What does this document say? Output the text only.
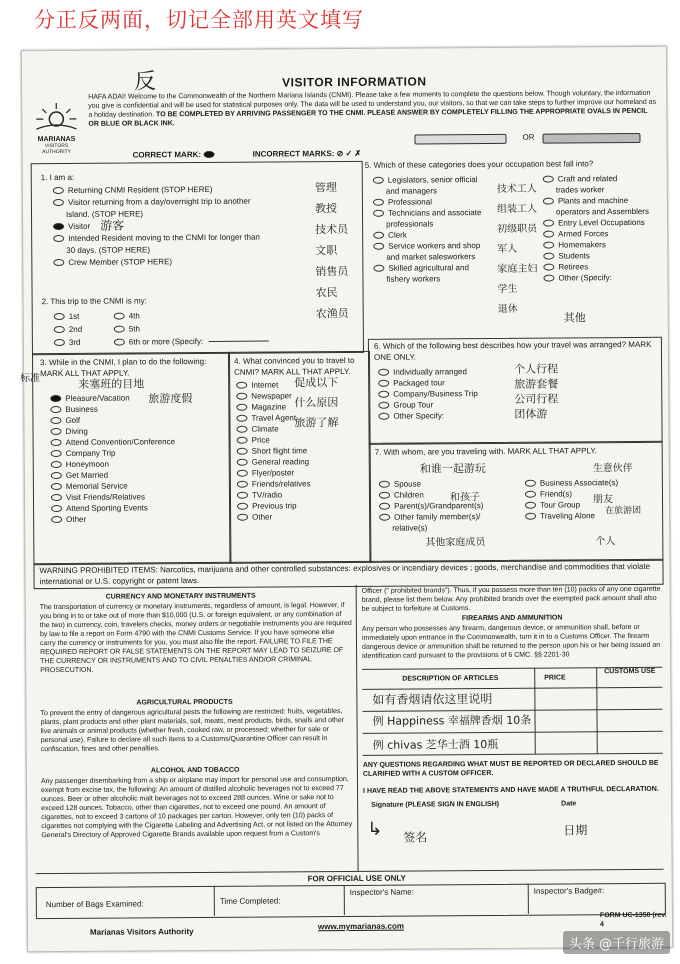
分正反两面，切记全部用英文填写
反	VISITOR INFORMATION
MARIANAS
VISITORS AUTHORITY
HAFA ADAI! Welcome to the Commonwealth of the Northern Mariana Islands (CNMI). Please take a few moments to complete the questions below. Though voluntary, the information you give is confidential and will be used for statistical purposes only. The data will be used to understand you, our visitors, so that we can take steps to further improve our homeland as a holiday destination. TO BE COMPLETED BY ARRIVING PASSENGER TO THE CNMI. PLEASE ANSWER BY COMPLETELY FILLING THE APPROPRIATE OVALS IN PENCIL OR BLUE OR BLACK INK.
OR
CORRECT MARK:	INCORRECT MARKS: ⊘ ✓ ✗
1. I am a:
Returning CNMI Resident (STOP HERE)
Visitor returning from a day/overnight trip to another
Island. (STOP HERE)
Visitor 游客
Intended Resident moving to the CNMI for longer than
30 days. (STOP HERE)
Crew Member (STOP HERE)
2. This trip to the CNMI is my:
1st
2nd
3rd
4th
5th
6th or more (Specify:
5. Which of these categories does your occupation best fall into?
Legislators, senior official
and managers
Professional
Technicians and associate
professionals
Clerk
Service workers and shop
and market salesworkers
Skilled agricultural and
fishery workers
Craft and related
trades worker
Plants and machine
operators and Assemblers
Entry Level Occupations
Armed Forces
Homemakers
Students
Retirees
Other (Specify:
管理
教授
技术员
文职
销售员
农民
农渔员
技术工人
组装工人
初级职员
军人
家庭主妇
学生
退休
其他
3. While in the CNMI, I plan to do the following: MARK ALL THAT APPLY.
Pleasure/Vacation
Business
Golf
Diving
Attend Convention/Conference
Company Trip
Honeymoon
Get Married
Memorial Service
Visit Friends/Relatives
Attend Sporting Events
Other
标准	来塞班的目地
旅游度假
4. What convinced you to travel to CNMI? MARK ALL THAT APPLY.
Internet
Newspaper
Magazine
Travel Agent
Climate
Price
Short flight time
General reading
Flyer/poster
Friends/relatives
TV/radio
Previous trip
Other
促成以下
什么原因
旅游了解
6. Which of the following best describes how your travel was arranged? MARK ONE ONLY.
Individually arranged
Packaged tour
Company/Business Trip
Group Tour
Other Specify:
个人行程
旅游套餐
公司行程
团体游
7. With whom, are you traveling with. MARK ALL THAT APPLY.
Spouse
Children
Parent(s)/Grandparent(s)
Other family member(s)/
relative(s)
Business Associate(s)
Friend(s)
Tour Group
Traveling Alone
和谁一起游玩	生意伙伴
和孩子	朋友
在旅游团
其他家庭成员	个人
WARNING PROHIBITED ITEMS: Narcotics, marijuana and other controlled substances: explosives or incendiary devices ; goods, merchandise and commodities that violate international or U.S. copyright or patent laws.
CURRENCY AND MONETARY INSTRUMENTS
The transportation of currency or monetary instruments, regardless of amount, is legal. However, if you bring in to or take out of more than $10,000 (U.S. or foreign equivalent, or any combination of the two) in currency, coin, travelers checks, money orders or negotiable instruments you are required by law to file a report on Form 4790 with the CNMI Customs Service. If you have someone else carry the currency or instruments for you, you must also file the report. FAILURE TO FILE THE REQUIRED REPORT OR FALSE STATEMENTS ON THE REPORT MAY LEAD TO SEIZURE OF THE CURRENCY OR INSTRUMENTS AND TO CIVIL PENALTIES AND/OR CRIMINAL PROSECUTION.
AGRICULTURAL PRODUCTS
To prevent the entry of dangerous agricultural pests the following are restricted: fruits, vegetables, plants, plant products and other plant materials, soil, meats, meat products, birds, snails and other live animals or animal products (whether fresh, cooked raw, or processed; whether for sale or personal use). Failure to declare all such items to a Customs/Quarantine Officer can result in confiscation, fines and other penalties.
ALCOHOL AND TOBACCO
Any passenger disembarking from a ship or airplane may import for personal use and consumption, exempt from excise tax, the following: An amount of distilled alcoholic beverages not to exceed 77 ounces. Beer or other alcoholic malt beverages not to exceed 288 ounces. Wine or sake not to exceed 128 ounces. Tobacco, other than cigarettes, not to exceed one pound. An amount of cigarettes, not to exceed 3 cartons of 10 packages per carton. However, only ten (10) packs of cigarettes not complying with the Cigarette Labeling and Advertising Act, or not listed on the Attorney General's Directory of Approved Cigarette Brands available upon request from a Custom's
Officer (" prohibited brands"). Thus, if you possess more than ten (10) packs of any one cigarette brand, please list them below. Any prohibited brands over the exempted pack amount shall also be subject to forfeiture at Customs.
FIREARMS AND AMMUNITION
Any person who possesses any firearm, dangerous device, or ammunition shall, before or immediately upon entrance in the Commonwealth, turn it in to a Customs Officer. The firearm dangerous device or ammunition shall be returned to the person upon his or her being issued an identification card pursuant to the provisions of 6 CMC. §§ 2201-30
DESCRIPTION OF ARTICLES	PRICE
CUSTOMS USE
如有香烟请依这里说明
例 Happiness 幸福牌香烟 10条
例 chivas 芝华士酒 10瓶
ANY QUESTIONS REGARDING WHAT MUST BE REPORTED OR DECLARED SHOULD BE CLARIFIED WITH A CUSTOM OFFICER.
I HAVE READ THE ABOVE STATEMENTS AND HAVE MADE A TRUTHFUL DECLARATION.
Signature (PLEASE SIGN IN ENGLISH)	Date
↳ 签名
日期
FOR OFFICIAL USE ONLY
Number of Bags Examined:	Time Completed:
Inspector's Name:	Inspector's Badge#:
Marianas Visitors Authority
www.mymarianas.com
FORM UC-1350 (rev. 4
头条 @千行旅游
